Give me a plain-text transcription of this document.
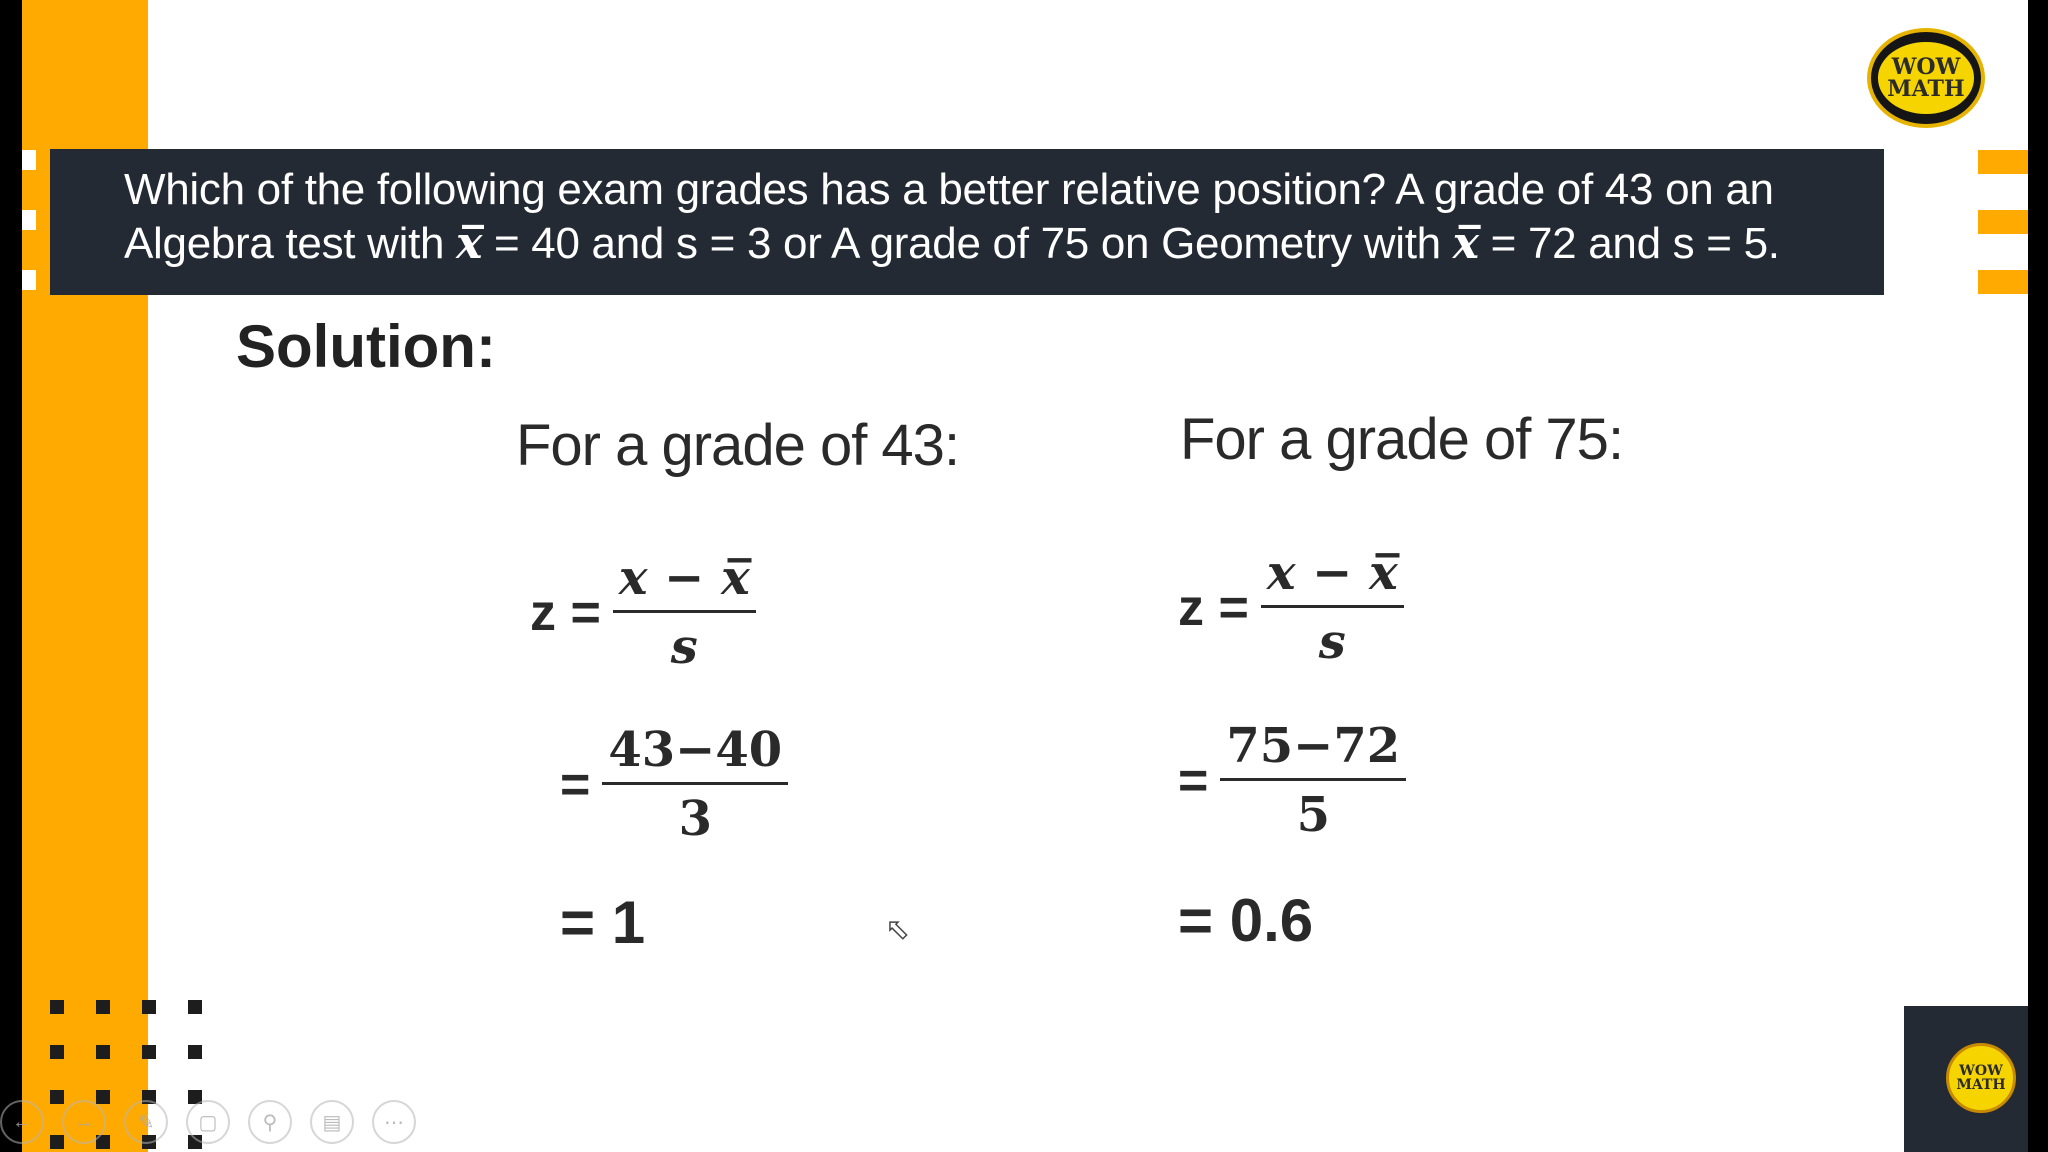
WOW
MATH

Which of the following exam grades has a better relative position? A grade of 43 on an

Algebra test with x̅ = 40 and s = 3 or A grade of 75 on Geometry with x̅ = 72 and s = 5.

Solution:
For a grade of 43:	For a grade of 75:
$z = \frac{x - x̅}{s}$	$z = \frac{x - x̅}{s}$
= $\frac{43-40}{3}$	= $\frac{75-72}{5}$
= 1	= 0.6
←	→	✎	▢	⚲	▤	⋯
⬁
WOW
MATH
